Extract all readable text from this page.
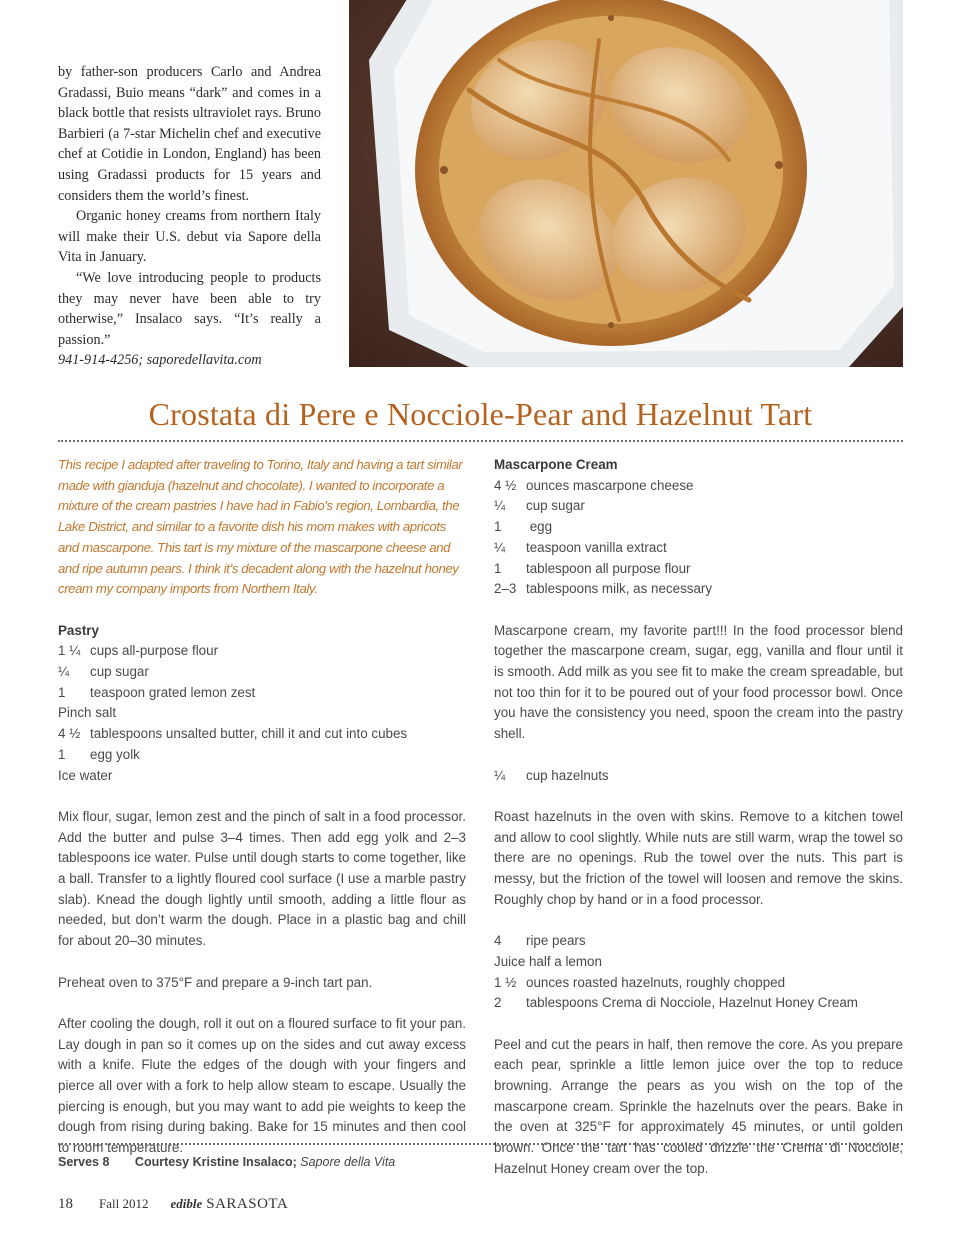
by father-son producers Carlo and Andrea Gradassi, Buio means “dark” and comes in a black bottle that resists ultraviolet rays. Bruno Barbieri (a 7-star Michelin chef and executive chef at Cotidie in London, England) has been using Gradassi products for 15 years and considers them the world’s finest.

Organic honey creams from northern Italy will make their U.S. debut via Sapore della Vita in January.

“We love introducing people to products they may never have been able to try otherwise,” Insalaco says. “It’s really a passion.”

941-914-4256; saporedellavita.com

Crostata di Pere e Nocciole-Pear and Hazelnut Tart

This recipe I adapted after traveling to Torino, Italy and having a tart similar made with gianduja (hazelnut and chocolate). I wanted to incorporate a mixture of the cream pastries I have had in Fabio’s region, Lombardia, the Lake District, and similar to a favorite dish his mom makes with apricots and mascarpone. This tart is my mixture of the mascarpone cheese and and ripe autumn pears. I think it’s decadent along with the hazelnut honey cream my company imports from Northern Italy.

Pastry
1 ¼ cups all-purpose flour
¼	cup sugar
1	teaspoon grated lemon zest
Pinch salt
4 ½ tablespoons unsalted butter, chill it and cut into cubes
1	egg yolk
Ice water

Mix flour, sugar, lemon zest and the pinch of salt in a food processor. Add the butter and pulse 3–4 times. Then add egg yolk and 2–3 tablespoons ice water. Pulse until dough starts to come together, like a ball. Transfer to a lightly floured cool surface (I use a marble pastry slab). Knead the dough lightly until smooth, adding a little flour as needed, but don’t warm the dough. Place in a plastic bag and chill for about 20–30 minutes.

Preheat oven to 375°F and prepare a 9-inch tart pan.

After cooling the dough, roll it out on a floured surface to fit your pan. Lay dough in pan so it comes up on the sides and cut away excess with a knife. Flute the edges of the dough with your fingers and pierce all over with a fork to help allow steam to escape. Usually the piercing is enough, but you may want to add pie weights to keep the dough from rising during baking. Bake for 15 minutes and then cool to room temperature.

Mascarpone Cream
4 ½ ounces mascarpone cheese
¼	cup sugar
1	egg
¼	teaspoon vanilla extract
1	tablespoon all purpose flour
2–3 tablespoons milk, as necessary

Mascarpone cream, my favorite part!!! In the food processor blend together the mascarpone cream, sugar, egg, vanilla and flour until it is smooth. Add milk as you see fit to make the cream spreadable, but not too thin for it to be poured out of your food processor bowl. Once you have the consistency you need, spoon the cream into the pastry shell.

¼	cup hazelnuts

Roast hazelnuts in the oven with skins. Remove to a kitchen towel and allow to cool slightly. While nuts are still warm, wrap the towel so there are no openings. Rub the towel over the nuts. This part is messy, but the friction of the towel will loosen and remove the skins. Roughly chop by hand or in a food processor.

4	ripe pears
Juice half a lemon
1 ½ ounces roasted hazelnuts, roughly chopped
2	tablespoons Crema di Nocciole, Hazelnut Honey Cream

Peel and cut the pears in half, then remove the core. As you prepare each pear, sprinkle a little lemon juice over the top to reduce browning. Arrange the pears as you wish on the top of the mascarpone cream. Sprinkle the hazelnuts over the pears. Bake in the oven at 325°F for approximately 45 minutes, or until golden brown. Once the tart has cooled drizzle the Crema di Nocciole, Hazelnut Honey cream over the top.

Serves 8 Courtesy Kristine Insalaco; Sapore della Vita
18 Fall 2012 edible SARASOTA
